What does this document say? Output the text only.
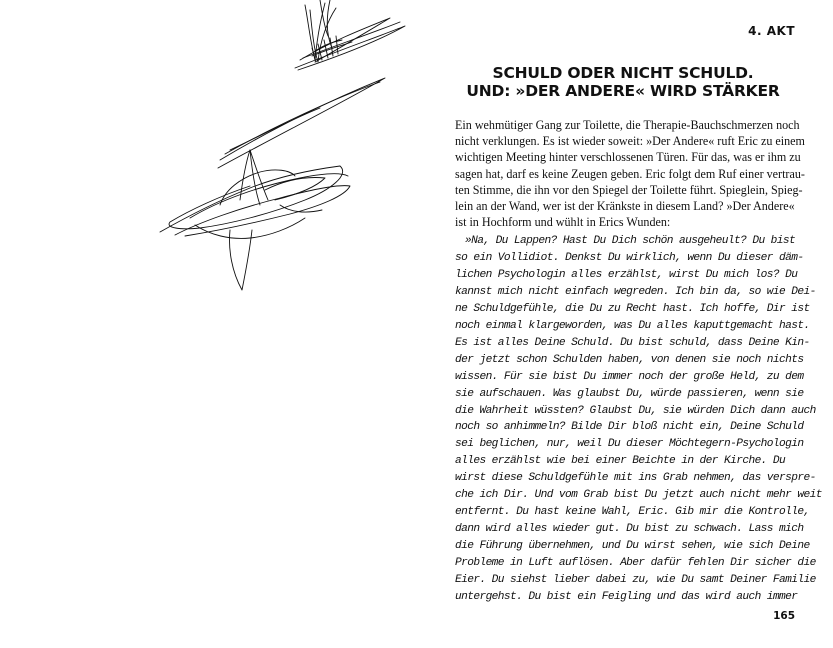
4. AKT
SCHULD ODER NICHT SCHULD.
UND: »DER ANDERE« WIRD STÄRKER
Ein wehmütiger Gang zur Toilette, die Therapie-Bauchschmerzen noch
nicht verklungen. Es ist wieder soweit: »Der Andere« ruft Eric zu einem
wichtigen Meeting hinter verschlossenen Türen. Für das, was er ihm zu
sagen hat, darf es keine Zeugen geben. Eric folgt dem Ruf einer vertrau-
ten Stimme, die ihn vor den Spiegel der Toilette führt. Spieglein, Spieg-
lein an der Wand, wer ist der Kränkste in diesem Land? »Der Andere«
ist in Hochform und wühlt in Erics Wunden:
»Na, Du Lappen? Hast Du Dich schön ausgeheult? Du bist
so ein Vollidiot. Denkst Du wirklich, wenn Du dieser däm-
lichen Psychologin alles erzählst, wirst Du mich los? Du
kannst mich nicht einfach wegreden. Ich bin da, so wie Dei-
ne Schuldgefühle, die Du zu Recht hast. Ich hoffe, Dir ist
noch einmal klargeworden, was Du alles kaputtgemacht hast.
Es ist alles Deine Schuld. Du bist schuld, dass Deine Kin-
der jetzt schon Schulden haben, von denen sie noch nichts
wissen. Für sie bist Du immer noch der große Held, zu dem
sie aufschauen. Was glaubst Du, würde passieren, wenn sie
die Wahrheit wüssten? Glaubst Du, sie würden Dich dann auch
noch so anhimmeln? Bilde Dir bloß nicht ein, Deine Schuld
sei beglichen, nur, weil Du dieser Möchtegern-Psychologin
alles erzählst wie bei einer Beichte in der Kirche. Du
wirst diese Schuldgefühle mit ins Grab nehmen, das verspre-
che ich Dir. Und vom Grab bist Du jetzt auch nicht mehr weit
entfernt. Du hast keine Wahl, Eric. Gib mir die Kontrolle,
dann wird alles wieder gut. Du bist zu schwach. Lass mich
die Führung übernehmen, und Du wirst sehen, wie sich Deine
Probleme in Luft auflösen. Aber dafür fehlen Dir sicher die
Eier. Du siehst lieber dabei zu, wie Du samt Deiner Familie
untergehst. Du bist ein Feigling und das wird auch immer
165
